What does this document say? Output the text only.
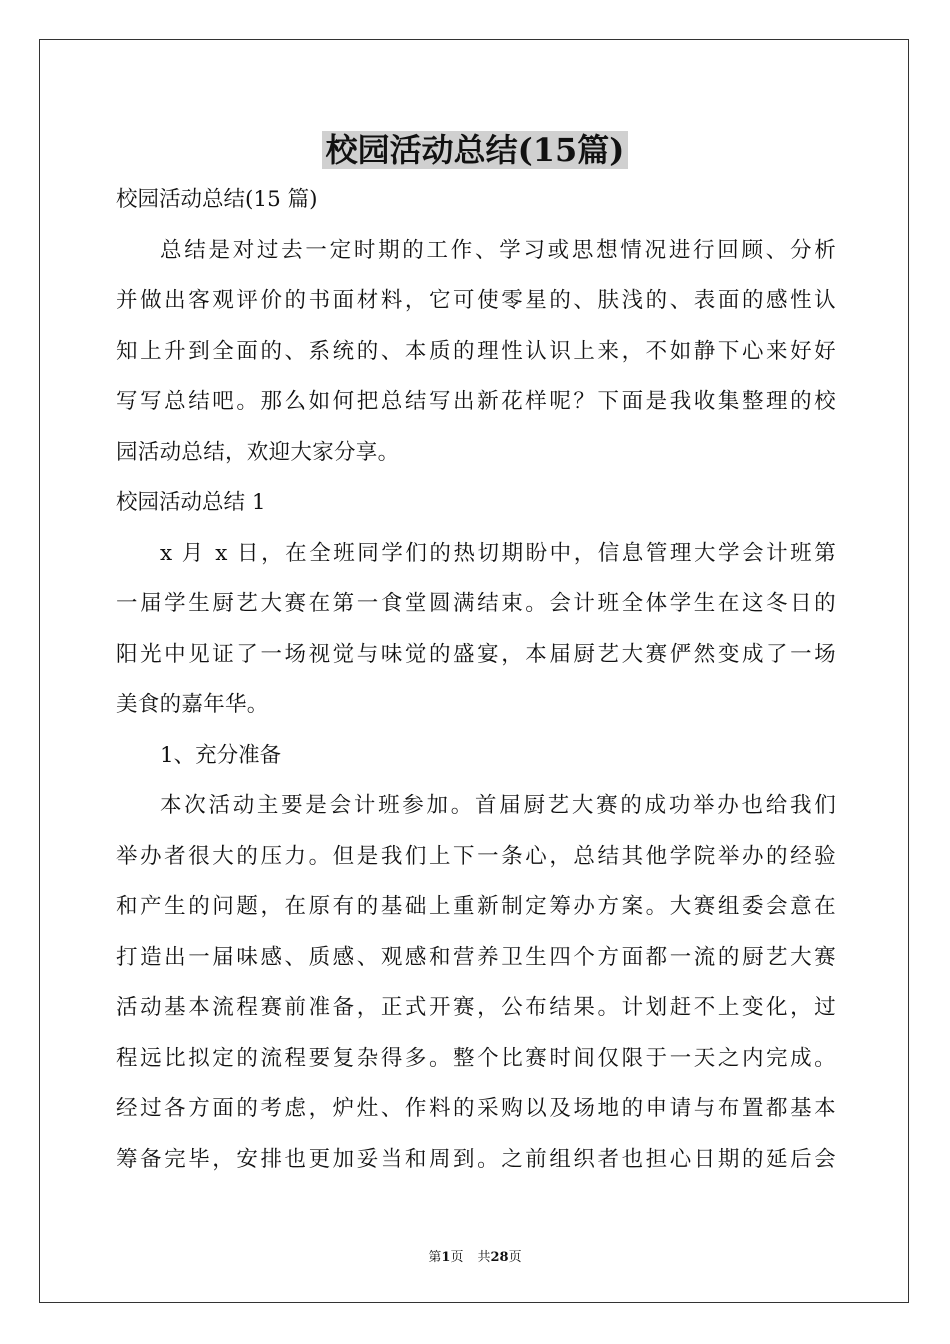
校园活动总结(15篇)
校园活动总结(15 篇)
总结是对过去一定时期的工作、学习或思想情况进行回顾、分析
并做出客观评价的书面材料，它可使零星的、肤浅的、表面的感性认
知上升到全面的、系统的、本质的理性认识上来，不如静下心来好好
写写总结吧。那么如何把总结写出新花样呢？下面是我收集整理的校
园活动总结，欢迎大家分享。
校园活动总结 1
x 月 x 日，在全班同学们的热切期盼中，信息管理大学会计班第
一届学生厨艺大赛在第一食堂圆满结束。会计班全体学生在这冬日的
阳光中见证了一场视觉与味觉的盛宴，本届厨艺大赛俨然变成了一场
美食的嘉年华。
1、充分准备
本次活动主要是会计班参加。首届厨艺大赛的成功举办也给我们
举办者很大的压力。但是我们上下一条心，总结其他学院举办的经验
和产生的问题，在原有的基础上重新制定筹办方案。大赛组委会意在
打造出一届味感、质感、观感和营养卫生四个方面都一流的厨艺大赛
活动基本流程赛前准备，正式开赛，公布结果。计划赶不上变化，过
程远比拟定的流程要复杂得多。整个比赛时间仅限于一天之内完成。
经过各方面的考虑，炉灶、作料的采购以及场地的申请与布置都基本
筹备完毕，安排也更加妥当和周到。之前组织者也担心日期的延后会
第1页 共28页
